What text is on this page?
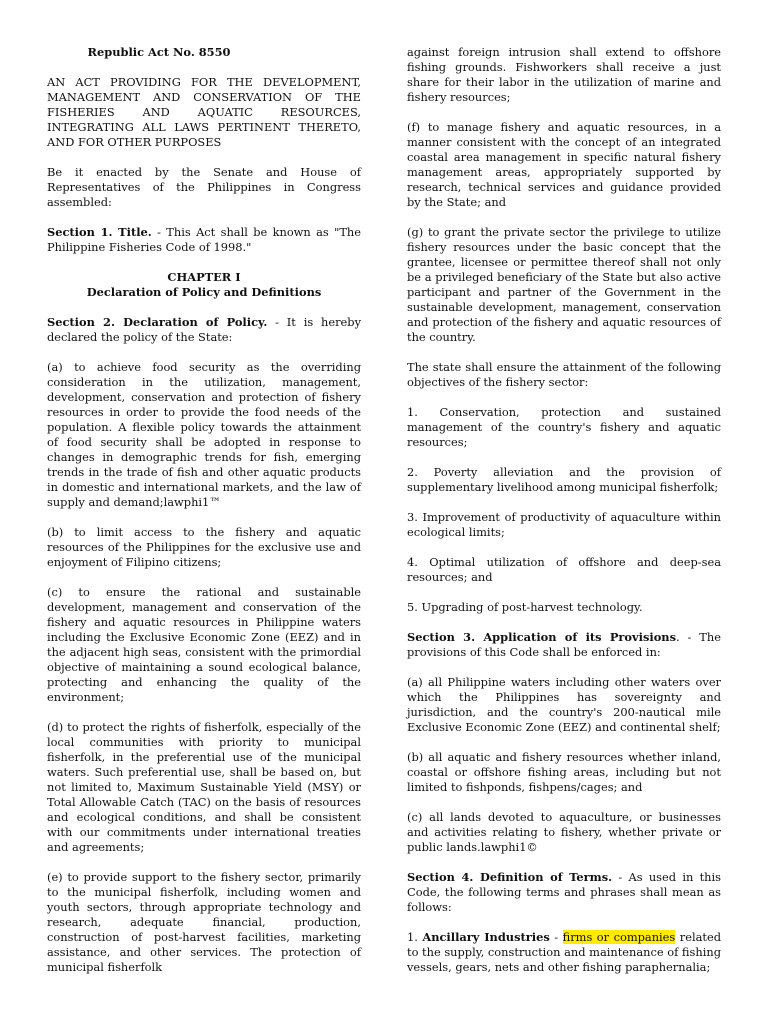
Republic Act No. 8550

AN ACT PROVIDING FOR THE DEVELOPMENT, MANAGEMENT AND CONSERVATION OF THE FISHERIES AND AQUATIC RESOURCES, INTEGRATING ALL LAWS PERTINENT THERETO, AND FOR OTHER PURPOSES

Be it enacted by the Senate and House of Representatives of the Philippines in Congress assembled:

Section 1. Title. - This Act shall be known as "The Philippine Fisheries Code of 1998."

CHAPTER I
Declaration of Policy and Definitions

Section 2. Declaration of Policy. - It is hereby declared the policy of the State:

(a) to achieve food security as the overriding consideration in the utilization, management, development, conservation and protection of fishery resources in order to provide the food needs of the population. A flexible policy towards the attainment of food security shall be adopted in response to changes in demographic trends for fish, emerging trends in the trade of fish and other aquatic products in domestic and international markets, and the law of supply and demand;lawphi1™

(b) to limit access to the fishery and aquatic resources of the Philippines for the exclusive use and enjoyment of Filipino citizens;

(c) to ensure the rational and sustainable development, management and conservation of the fishery and aquatic resources in Philippine waters including the Exclusive Economic Zone (EEZ) and in the adjacent high seas, consistent with the primordial objective of maintaining a sound ecological balance, protecting and enhancing the quality of the environment;

(d) to protect the rights of fisherfolk, especially of the local communities with priority to municipal fisherfolk, in the preferential use of the municipal waters. Such preferential use, shall be based on, but not limited to, Maximum Sustainable Yield (MSY) or Total Allowable Catch (TAC) on the basis of resources and ecological conditions, and shall be consistent with our commitments under international treaties and agreements;

(e) to provide support to the fishery sector, primarily to the municipal fisherfolk, including women and youth sectors, through appropriate technology and research, adequate financial, production, construction of post-harvest facilities, marketing assistance, and other services. The protection of municipal fisherfolk

against foreign intrusion shall extend to offshore fishing grounds. Fishworkers shall receive a just share for their labor in the utilization of marine and fishery resources;

(f) to manage fishery and aquatic resources, in a manner consistent with the concept of an integrated coastal area management in specific natural fishery management areas, appropriately supported by research, technical services and guidance provided by the State; and

(g) to grant the private sector the privilege to utilize fishery resources under the basic concept that the grantee, licensee or permittee thereof shall not only be a privileged beneficiary of the State but also active participant and partner of the Government in the sustainable development, management, conservation and protection of the fishery and aquatic resources of the country.

The state shall ensure the attainment of the following objectives of the fishery sector:

1. Conservation, protection and sustained management of the country's fishery and aquatic resources;

2. Poverty alleviation and the provision of supplementary livelihood among municipal fisherfolk;

3. Improvement of productivity of aquaculture within ecological limits;

4. Optimal utilization of offshore and deep-sea resources; and

5. Upgrading of post-harvest technology.

Section 3. Application of its Provisions. - The provisions of this Code shall be enforced in:

(a) all Philippine waters including other waters over which the Philippines has sovereignty and jurisdiction, and the country's 200-nautical mile Exclusive Economic Zone (EEZ) and continental shelf;

(b) all aquatic and fishery resources whether inland, coastal or offshore fishing areas, including but not limited to fishponds, fishpens/cages; and

(c) all lands devoted to aquaculture, or businesses and activities relating to fishery, whether private or public lands.lawphi1©

Section 4. Definition of Terms. - As used in this Code, the following terms and phrases shall mean as follows:

1. Ancillary Industries - firms or companies related to the supply, construction and maintenance of fishing vessels, gears, nets and other fishing paraphernalia;
